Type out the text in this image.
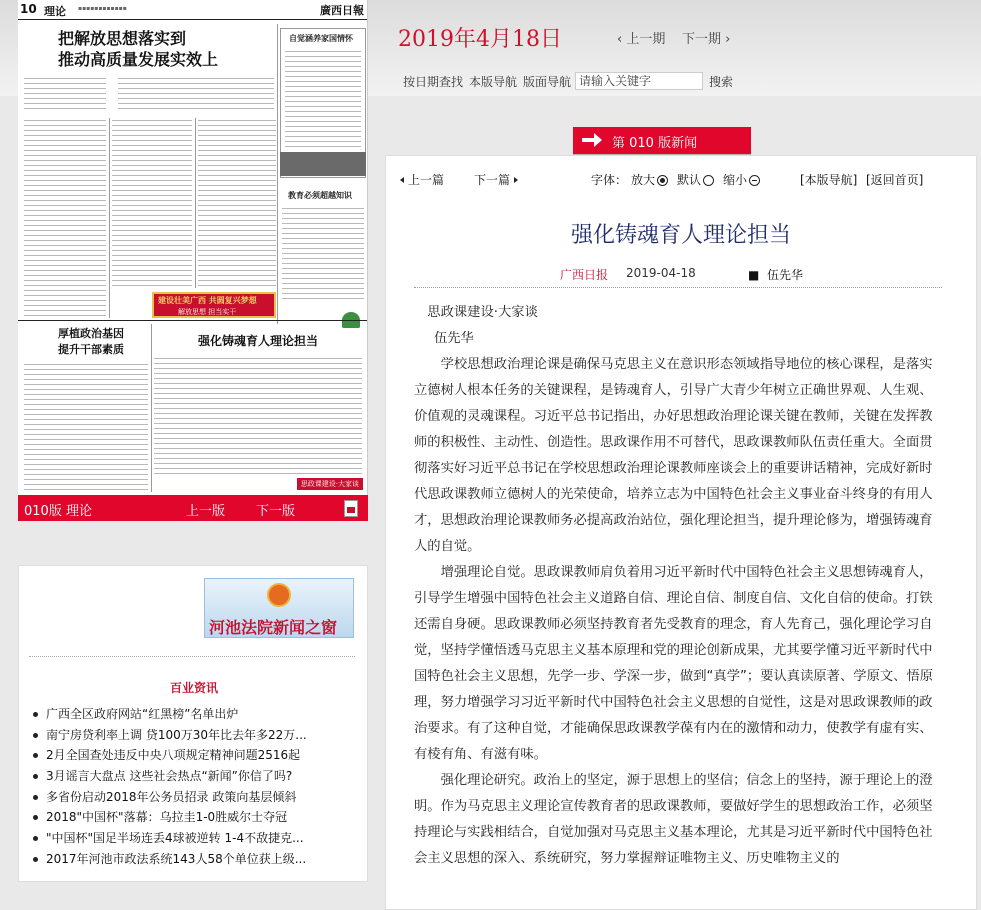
10 理论 ▪▪▪▪▪▪▪▪▪▪▪▪	廣西日報
把解放思想落实到
推动高质量发展实效上
自觉涵养家国情怀
教育必须超越知识
建设壮美广西 共圆复兴梦想
解放思想 担当实干
厚植政治基因
提升干部素质
强化铸魂育人理论担当
思政课建设·大家谈
010版 理论	上一版 下一版
河池法院新闻之窗
百业资讯
广西全区政府网站“红黑榜”名单出炉
南宁房贷利率上调 贷100万30年比去年多22万...
2月全国查处违反中央八项规定精神问题2516起
3月谣言大盘点 这些社会热点“新闻”你信了吗?
多省份启动2018年公务员招录 政策向基层倾斜
2018"中国杯"落幕：乌拉圭1-0胜威尔士夺冠
"中国杯"国足半场连丢4球被逆转 1-4不敌捷克...
2017年河池市政法系统143人58个单位获上级...
2019年4月18日	‹ 上一期 下一期 ›
按日期查找 本版导航 版面导航
请输入关键字	搜索
第 010 版新闻
上一篇 下一篇	字体： 放大	默认	缩小	[本版导航] [返回首页]
强化铸魂育人理论担当
广西日报 2019-04-18	■ 伍先华

思政课建设·大家谈

伍先华

学校思想政治理论课是确保马克思主义在意识形态领域指导地位的核心课程，是落实立德树人根本任务的关键课程，是铸魂育人，引导广大青少年树立正确世界观、人生观、价值观的灵魂课程。习近平总书记指出，办好思想政治理论课关键在教师，关键在发挥教师的积极性、主动性、创造性。思政课作用不可替代，思政课教师队伍责任重大。全面贯彻落实好习近平总书记在学校思想政治理论课教师座谈会上的重要讲话精神，完成好新时代思政课教师立德树人的光荣使命，培养立志为中国特色社会主义事业奋斗终身的有用人才，思想政治理论课教师务必提高政治站位，强化理论担当，提升理论修为，增强铸魂育人的自觉。

增强理论自觉。思政课教师肩负着用习近平新时代中国特色社会主义思想铸魂育人，引导学生增强中国特色社会主义道路自信、理论自信、制度自信、文化自信的使命。打铁还需自身硬。思政课教师必须坚持教育者先受教育的理念，育人先育己，强化理论学习自觉，坚持学懂悟透马克思主义基本原理和党的理论创新成果，尤其要学懂习近平新时代中国特色社会主义思想，先学一步、学深一步，做到“真学”；要认真读原著、学原文、悟原理，努力增强学习习近平新时代中国特色社会主义思想的自觉性，这是对思政课教师的政治要求。有了这种自觉，才能确保思政课教学葆有内在的激情和动力，使教学有虚有实、有棱有角、有滋有味。

强化理论研究。政治上的坚定，源于思想上的坚信；信念上的坚持，源于理论上的澄明。作为马克思主义理论宣传教育者的思政课教师，要做好学生的思想政治工作，必须坚持理论与实践相结合，自觉加强对马克思主义基本理论，尤其是习近平新时代中国特色社会主义思想的深入、系统研究，努力掌握辩证唯物主义、历史唯物主义的
